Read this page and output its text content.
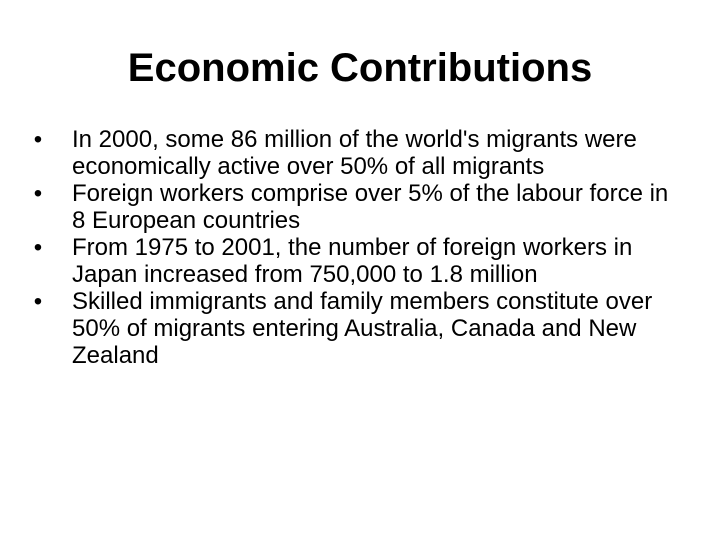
Economic Contributions
• In 2000, some 86 million of the world's migrants were economically active over 50% of all migrants
• Foreign workers comprise over 5% of the labour force in 8 European countries
• From 1975 to 2001, the number of foreign workers in Japan increased from 750,000 to 1.8 million
• Skilled immigrants and family members constitute over 50% of migrants entering Australia, Canada and New Zealand
